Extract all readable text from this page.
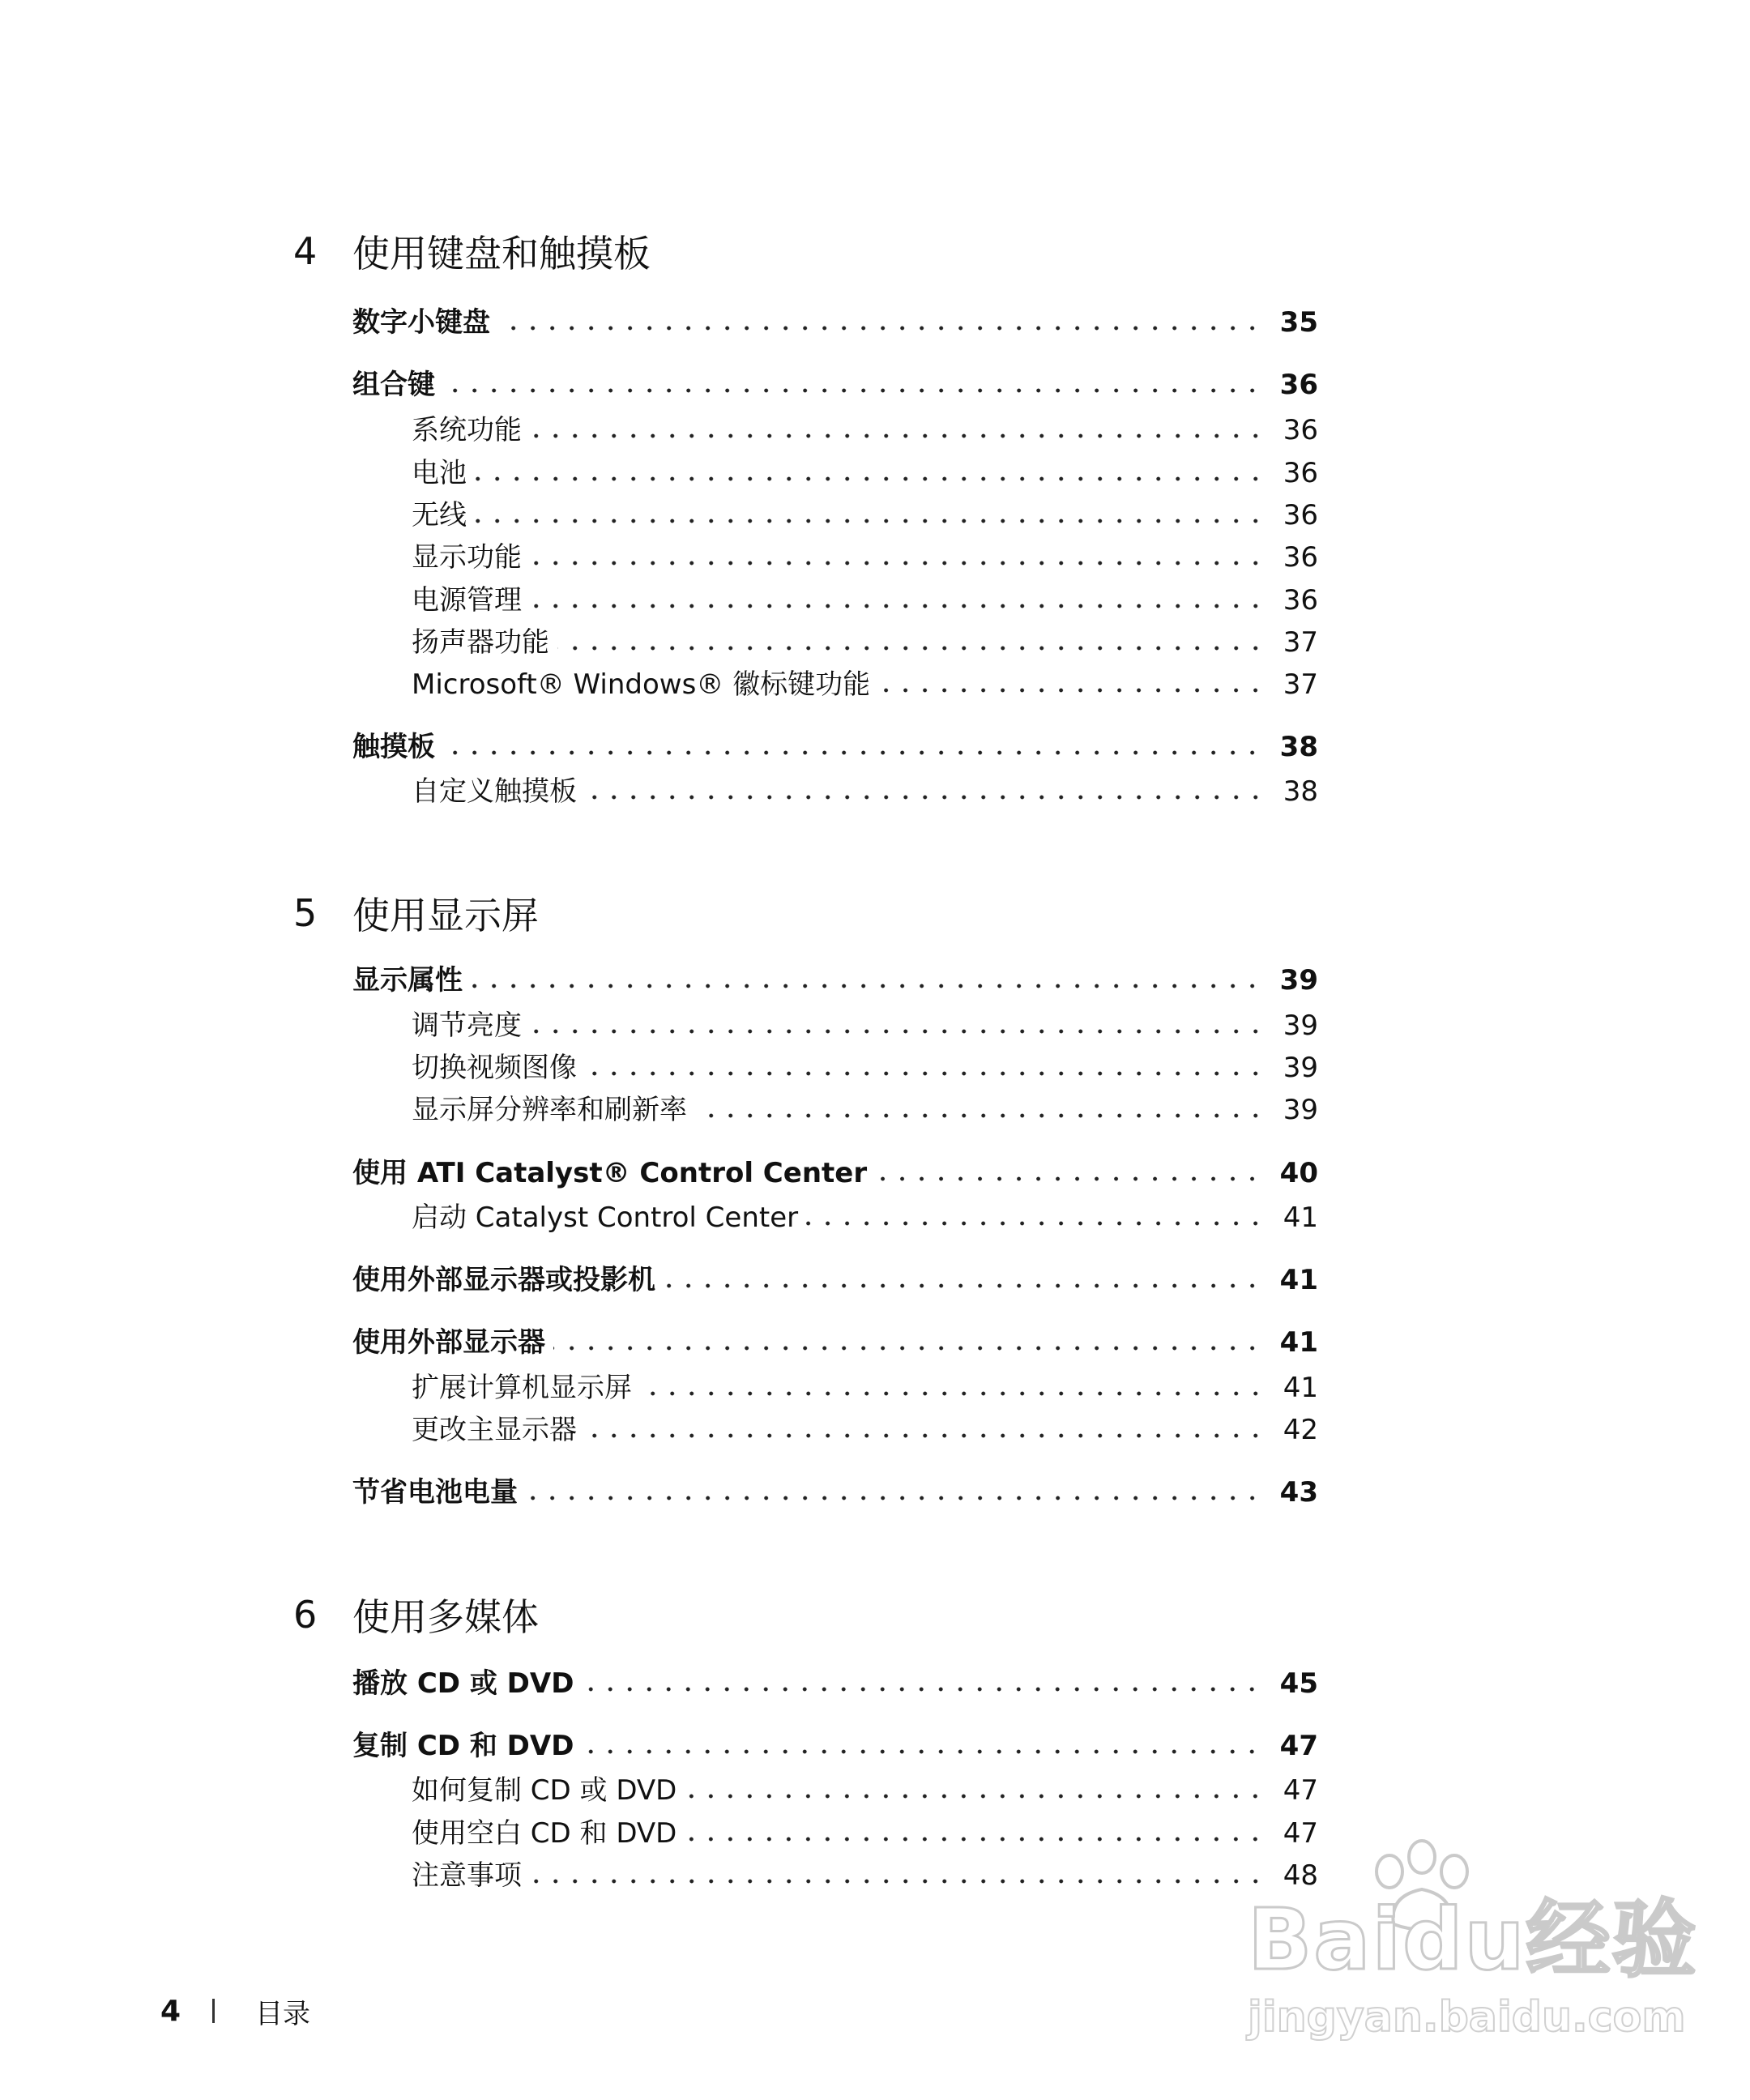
4 使用键盘和触摸板
数字小键盘	35
组合键	36
系统功能	36
电池	36
无线	36
显示功能	36
电源管理	36
扬声器功能	37
Microsoft® Windows® 徽标键功能	37
触摸板	38
自定义触摸板	38
5 使用显示屏
显示属性	39
调节亮度	39
切换视频图像	39
显示屏分辨率和刷新率	39
使用 ATI Catalyst® Control Center	40
启动 Catalyst Control Center	41
使用外部显示器或投影机	41
使用外部显示器	41
扩展计算机显示屏	41
更改主显示器	42
节省电池电量	43
6 使用多媒体
播放 CD 或 DVD	45
复制 CD 和 DVD	47
如何复制 CD 或 DVD	47
使用空白 CD 和 DVD	47
注意事项	48
4	目录
Baidu经验
jingyan.baidu.com
